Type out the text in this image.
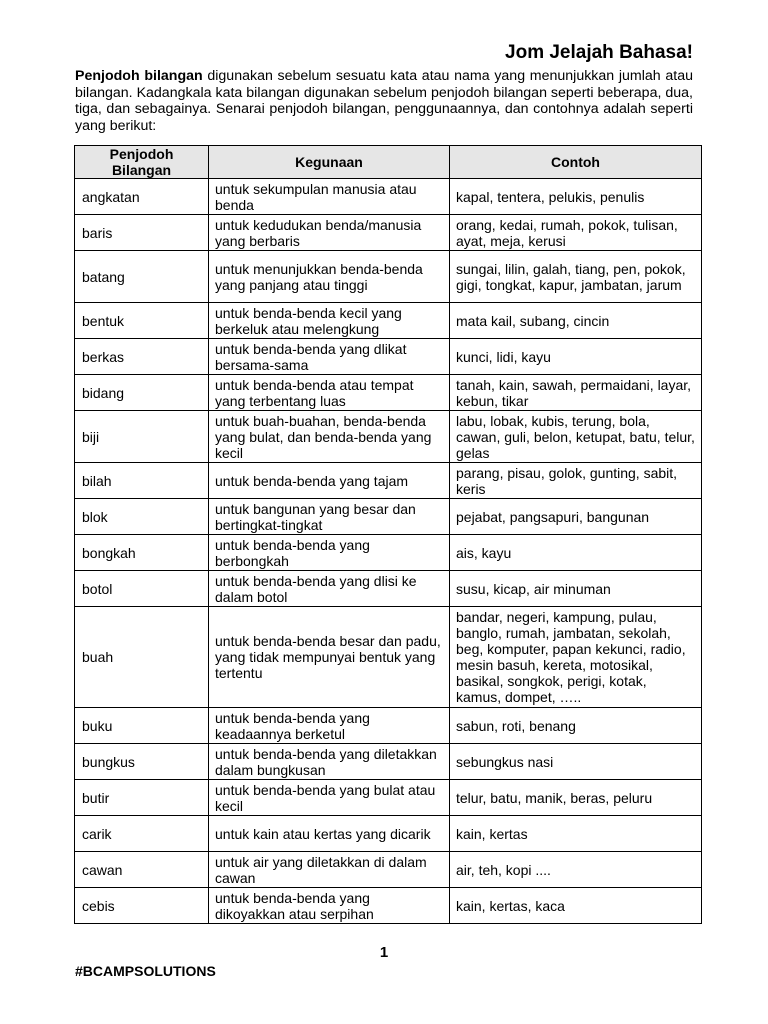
Jom Jelajah Bahasa!

Penjodoh bilangan digunakan sebelum sesuatu kata atau nama yang menunjukkan jumlah atau bilangan. Kadangkala kata bilangan digunakan sebelum penjodoh bilangan seperti beberapa, dua, tiga, dan sebagainya. Senarai penjodoh bilangan, penggunaannya, dan contohnya adalah seperti yang berikut:

Penjodoh Bilangan	Kegunaan	Contoh
angkatan	untuk sekumpulan manusia atau benda	kapal, tentera, pelukis, penulis
baris	untuk kedudukan benda/manusia yang berbaris	orang, kedai, rumah, pokok, tulisan, ayat, meja, kerusi
batang	untuk menunjukkan benda-benda yang panjang atau tinggi	sungai, lilin, galah, tiang, pen, pokok, gigi, tongkat, kapur, jambatan, jarum
bentuk	untuk benda-benda kecil yang berkeluk atau melengkung	mata kail, subang, cincin
berkas	untuk benda-benda yang dlikat bersama-sama	kunci, lidi, kayu
bidang	untuk benda-benda atau tempat yang terbentang luas	tanah, kain, sawah, permaidani, layar, kebun, tikar
biji	untuk buah-buahan, benda-benda yang bulat, dan benda-benda yang kecil	labu, lobak, kubis, terung, bola, cawan, guli, belon, ketupat, batu, telur, gelas
bilah	untuk benda-benda yang tajam	parang, pisau, golok, gunting, sabit, keris
blok	untuk bangunan yang besar dan bertingkat-tingkat	pejabat, pangsapuri, bangunan
bongkah	untuk benda-benda yang berbongkah	ais, kayu
botol	untuk benda-benda yang dlisi ke dalam botol	susu, kicap, air minuman
buah	untuk benda-benda besar dan padu, yang tidak mempunyai bentuk yang tertentu	bandar, negeri, kampung, pulau, banglo, rumah, jambatan, sekolah, beg, komputer, papan kekunci, radio, mesin basuh, kereta, motosikal, basikal, songkok, perigi, kotak, kamus, dompet, …..
buku	untuk benda-benda yang keadaannya berketul	sabun, roti, benang
bungkus	untuk benda-benda yang diletakkan dalam bungkusan	sebungkus nasi
butir	untuk benda-benda yang bulat atau kecil	telur, batu, manik, beras, peluru
carik	untuk kain atau kertas yang dicarik	kain, kertas
cawan	untuk air yang diletakkan di dalam cawan	air, teh, kopi ....
cebis	untuk benda-benda yang dikoyakkan atau serpihan	kain, kertas, kaca

1

#BCAMPSOLUTIONS
